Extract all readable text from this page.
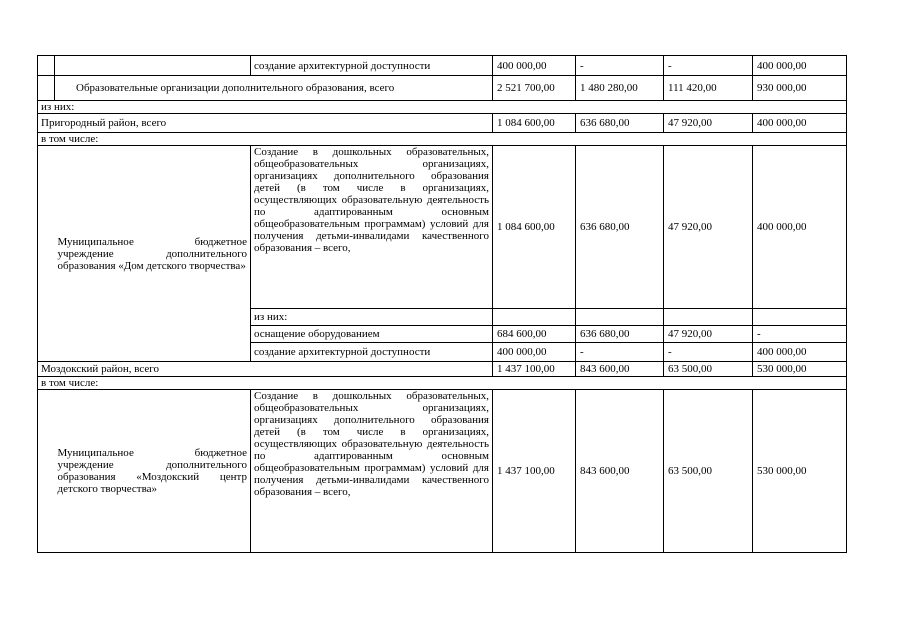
		создание архитектурной доступности	400 000,00	-	-	400 000,00
	Образовательные организации дополнительного образования, всего		2 521 700,00	1 480 280,00	111 420,00	930 000,00
из них:						
Пригородный район, всего			1 084 600,00	636 680,00	47 920,00	400 000,00
в том числе:						
	Муниципальное бюджетное учреждение дополнительного образования «Дом детского творчества»	Создание в дошкольных образовательных, общеобразовательных организациях, организациях дополнительного образования детей (в том числе в организациях, осуществляющих образовательную деятельность по адаптированным основным общеобразовательным программам) условий для получения детьми-инвалидами качественного образования – всего,	1 084 600,00	636 680,00	47 920,00	400 000,00
		из них:				
		оснащение оборудованием	684 600,00	636 680,00	47 920,00	-
		создание архитектурной доступности	400 000,00	-	-	400 000,00
Моздокский район, всего			1 437 100,00	843 600,00	63 500,00	530 000,00
в том числе:						
	Муниципальное бюджетное учреждение дополнительного образования «Моздокский центр детского творчества»	Создание в дошкольных образовательных, общеобразовательных организациях, организациях дополнительного образования детей (в том числе в организациях, осуществляющих образовательную деятельность по адаптированным основным общеобразовательным программам) условий для получения детьми-инвалидами качественного образования – всего,	1 437 100,00	843 600,00	63 500,00	530 000,00
